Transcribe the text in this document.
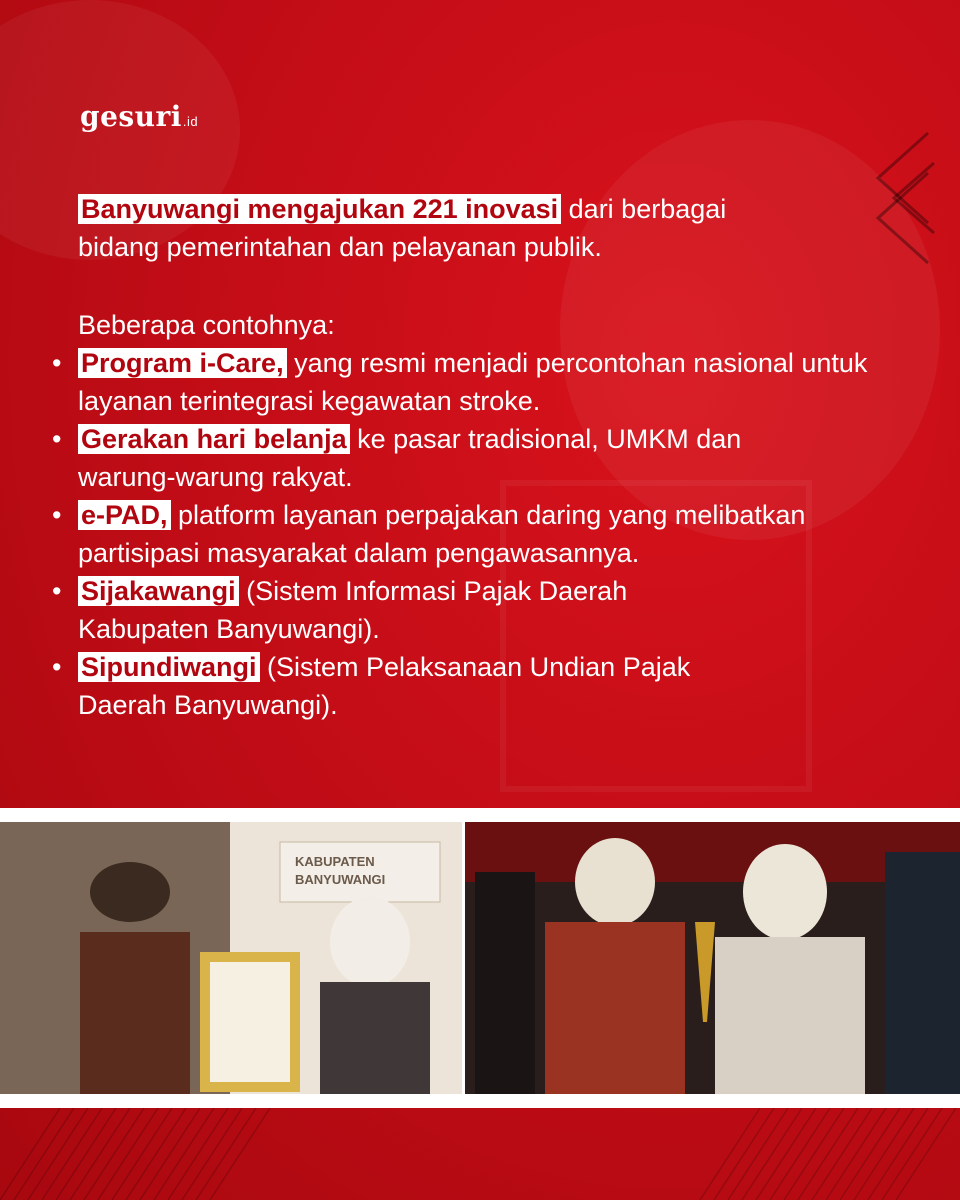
gesuri.id

Banyuwangi mengajukan 221 inovasi dari berbagai bidang pemerintahan dan pelayanan publik.

Beberapa contohnya:

• Program i-Care, yang resmi menjadi percontohan nasional untuk layanan terintegrasi kegawatan stroke.
• Gerakan hari belanja ke pasar tradisional, UMKM dan warung-warung rakyat.
• e-PAD, platform layanan perpajakan daring yang melibatkan partisipasi masyarakat dalam pengawasannya.
• Sijakawangi (Sistem Informasi Pajak Daerah Kabupaten Banyuwangi).
• Sipundiwangi (Sistem Pelaksanaan Undian Pajak Daerah Banyuwangi).
KABUPATEN
BANYUWANGI
